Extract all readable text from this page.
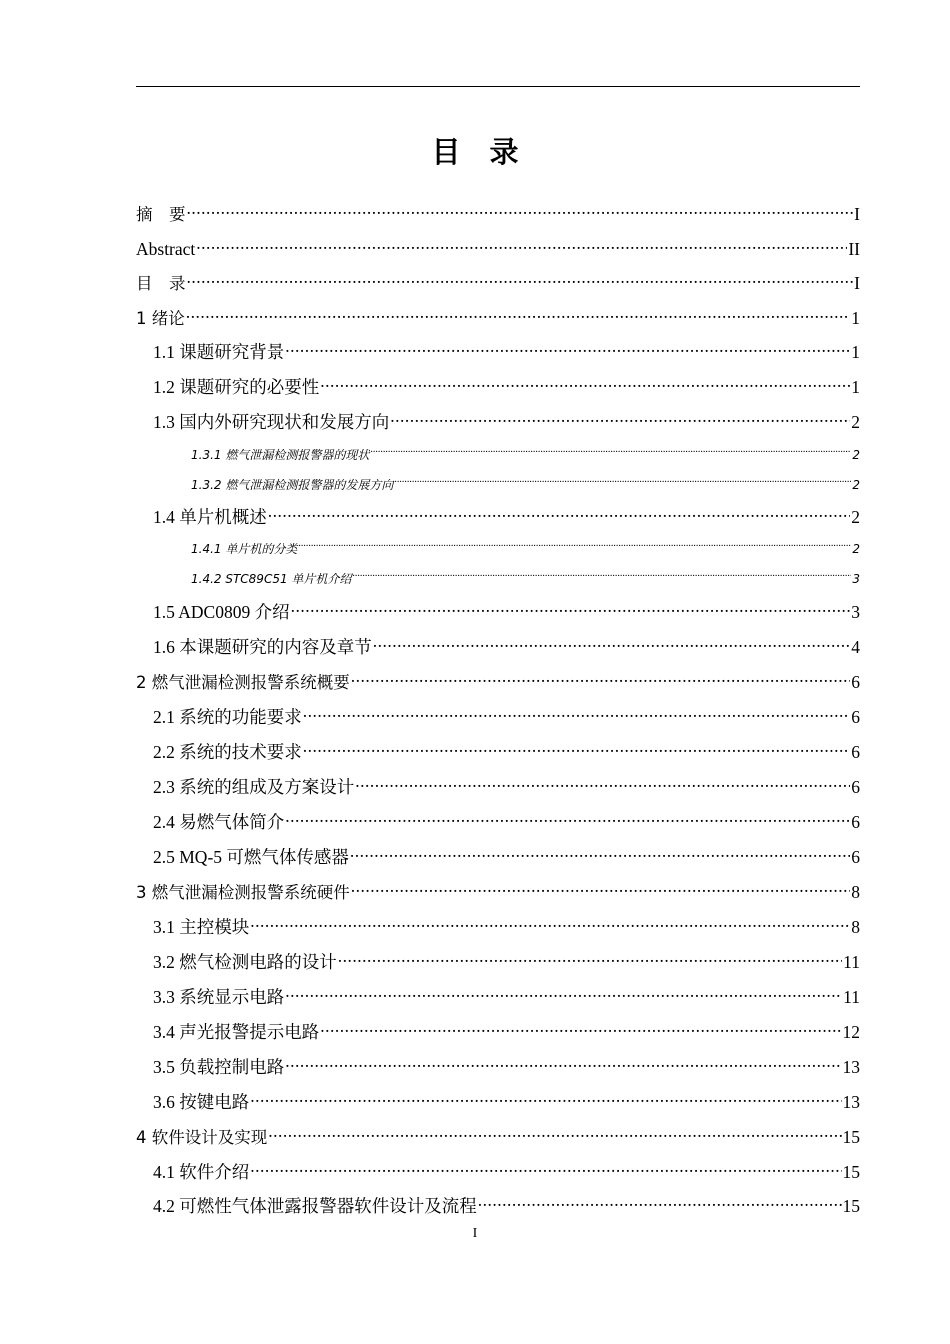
目　录
摘　要 .....	I
Abstract .....	II
目　录 .....	I
1 绪论 .....	1
1.1 课题研究背景 .....	1
1.2 课题研究的必要性 .....	1
1.3 国内外研究现状和发展方向 .....	2
1.3.1 燃气泄漏检测报警器的现状 .....	2
1.3.2 燃气泄漏检测报警器的发展方向 .....	2
1.4 单片机概述 .....	2
1.4.1 单片机的分类 .....	2
1.4.2 STC89C51 单片机介绍 .....	3
1.5 ADC0809 介绍 .....	3
1.6 本课题研究的内容及章节 .....	4
2 燃气泄漏检测报警系统概要 .....	6
2.1 系统的功能要求 .....	6
2.2 系统的技术要求 .....	6
2.3 系统的组成及方案设计 .....	6
2.4 易燃气体简介 .....	6
2.5 MQ-5 可燃气体传感器 .....	6
3 燃气泄漏检测报警系统硬件 .....	8
3.1 主控模块 .....	8
3.2 燃气检测电路的设计 .....	11
3.3 系统显示电路 .....	11
3.4 声光报警提示电路 .....	12
3.5 负载控制电路 .....	13
3.6 按键电路 .....	13
4 软件设计及实现 .....	15
4.1 软件介绍 .....	15
4.2 可燃性气体泄露报警器软件设计及流程 .....	15
I
